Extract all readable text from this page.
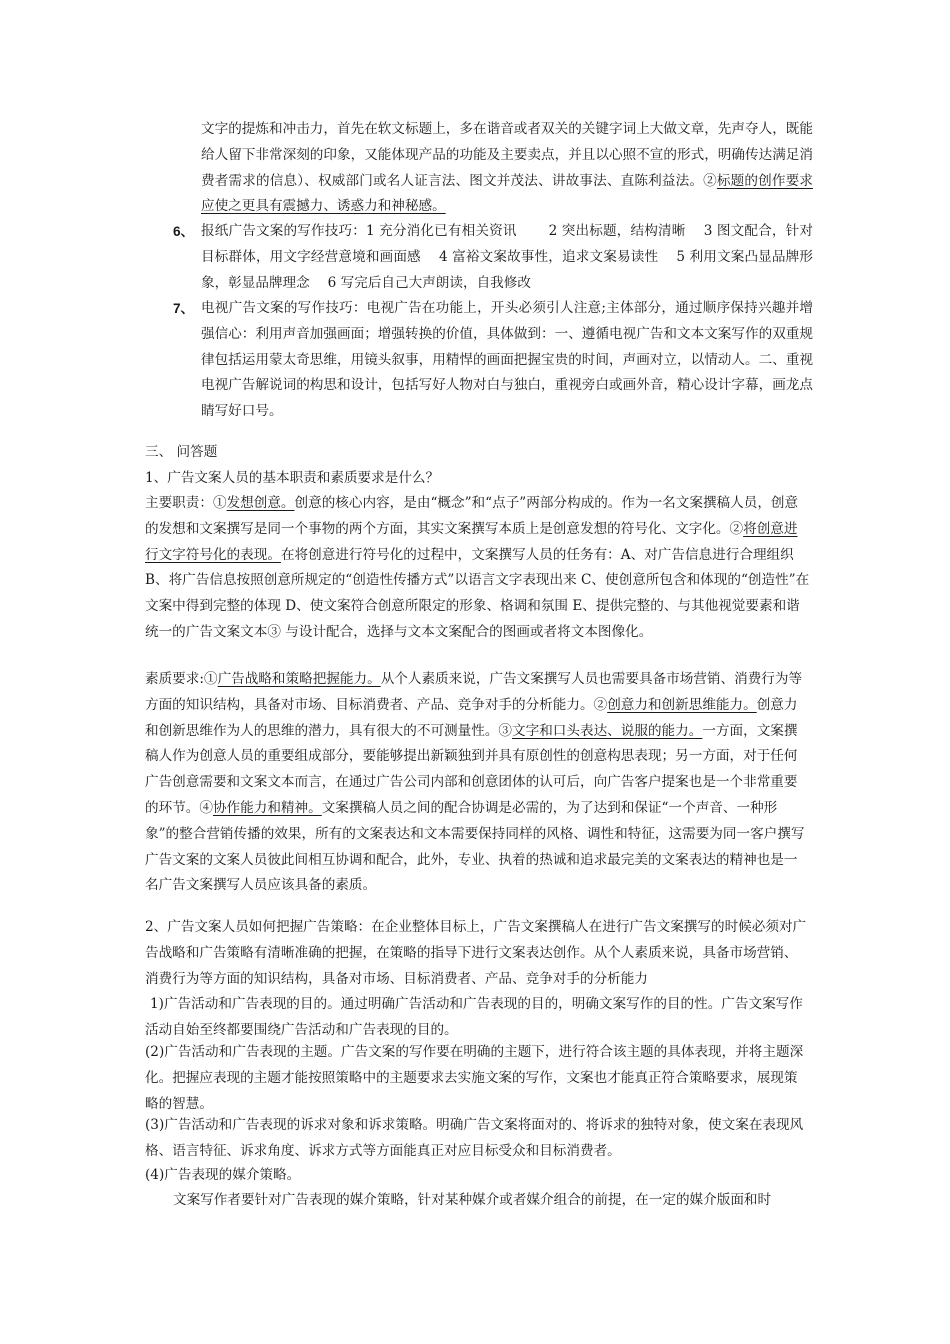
文字的提炼和冲击力，首先在软文标题上，多在谐音或者双关的关键字词上大做文章，先声夺人，既能给人留下非常深刻的印象，又能体现产品的功能及主要卖点，并且以心照不宣的形式，明确传达满足消费者需求的信息）、权威部门或名人证言法、图文并茂法、讲故事法、直陈利益法。②标题的创作要求应使之更具有震撼力、诱惑力和神秘感。
6、 报纸广告文案的写作技巧：1 充分消化已有相关资讯　　 2 突出标题，结构清晰　 3 图文配合，针对目标群体，用文字经营意境和画面感　 4 富裕文案故事性，追求文案易读性　 5 利用文案凸显品牌形象，彰显品牌理念　 6 写完后自己大声朗读，自我修改
7、 电视广告文案的写作技巧：电视广告在功能上，开头必须引人注意;主体部分，通过顺序保持兴趣并增强信心：利用声音加强画面；增强转换的价值，具体做到：一、遵循电视广告和文本文案写作的双重规律包括运用蒙太奇思维，用镜头叙事，用精悍的画面把握宝贵的时间，声画对立，以情动人。二、重视电视广告解说词的构思和设计，包括写好人物对白与独白，重视旁白或画外音，精心设计字幕，画龙点睛写好口号。
三、 问答题
1、广告文案人员的基本职责和素质要求是什么？
主要职责：①发想创意。创意的核心内容，是由“概念”和“点子”两部分构成的。作为一名文案撰稿人员，创意的发想和文案撰写是同一个事物的两个方面，其实文案撰写本质上是创意发想的符号化、文字化。②将创意进行文字符号化的表现。在将创意进行符号化的过程中，文案撰写人员的任务有：A、对广告信息进行合理组织 B、将广告信息按照创意所规定的“创造性传播方式”以语言文字表现出来 C、使创意所包含和体现的“创造性”在文案中得到完整的体现 D、使文案符合创意所限定的形象、格调和氛围 E、提供完整的、与其他视觉要素和谐统一的广告文案文本③ 与设计配合，选择与文本文案配合的图画或者将文本图像化。
素质要求:①广告战略和策略把握能力。从个人素质来说，广告文案撰写人员也需要具备市场营销、消费行为等方面的知识结构，具备对市场、目标消费者、产品、竞争对手的分析能力。②创意力和创新思维能力。创意力和创新思维作为人的思维的潜力，具有很大的不可测量性。③文字和口头表达、说服的能力。一方面，文案撰稿人作为创意人员的重要组成部分，要能够提出新颖独到并具有原创性的创意构思表现；另一方面，对于任何广告创意需要和文案文本而言，在通过广告公司内部和创意团体的认可后，向广告客户提案也是一个非常重要的环节。④协作能力和精神。文案撰稿人员之间的配合协调是必需的，为了达到和保证“一个声音、一种形象”的整合营销传播的效果，所有的文案表达和文本需要保持同样的风格、调性和特征，这需要为同一客户撰写广告文案的文案人员彼此间相互协调和配合，此外，专业、执着的热诚和追求最完美的文案表达的精神也是一名广告文案撰写人员应该具备的素质。
2、广告文案人员如何把握广告策略：在企业整体目标上，广告文案撰稿人在进行广告文案撰写的时候必须对广告战略和广告策略有清晰准确的把握，在策略的指导下进行文案表达创作。从个人素质来说，具备市场营销、消费行为等方面的知识结构，具备对市场、目标消费者、产品、竞争对手的分析能力
1)广告活动和广告表现的目的。通过明确广告活动和广告表现的目的，明确文案写作的目的性。广告文案写作活动自始至终都要围绕广告活动和广告表现的目的。
(2)广告活动和广告表现的主题。广告文案的写作要在明确的主题下，进行符合该主题的具体表现，并将主题深化。把握应表现的主题才能按照策略中的主题要求去实施文案的写作，文案也才能真正符合策略要求，展现策略的智慧。
(3)广告活动和广告表现的诉求对象和诉求策略。明确广告文案将面对的、将诉求的独特对象，使文案在表现风格、语言特征、诉求角度、诉求方式等方面能真正对应目标受众和目标消费者。
(4)广告表现的媒介策略。
文案写作者要针对广告表现的媒介策略，针对某种媒介或者媒介组合的前提，在一定的媒介版面和时
